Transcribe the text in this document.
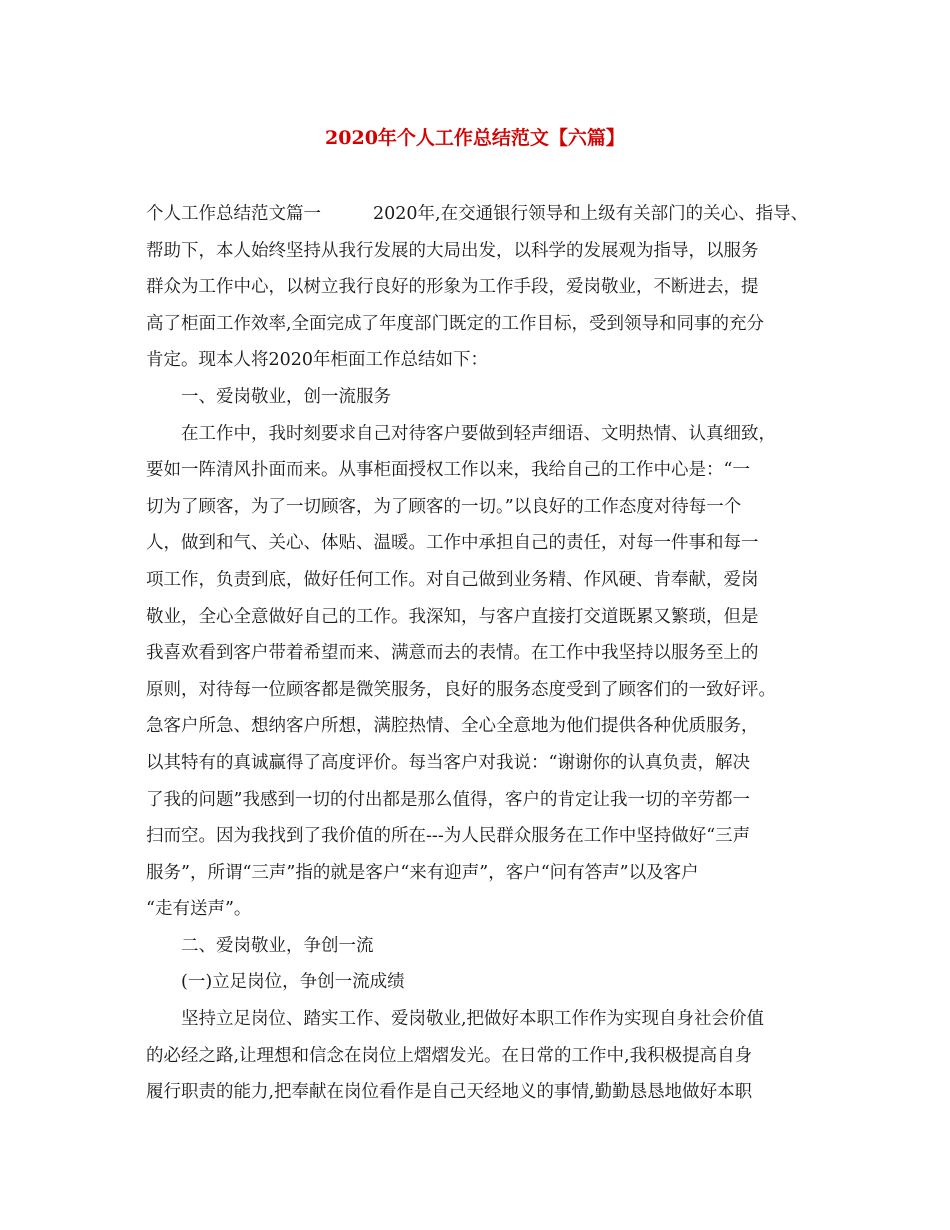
2020年个人工作总结范文【六篇】
个人工作总结范文篇一	2020年,在交通银行领导和上级有关部门的关心、指导、
帮助下，本人始终坚持从我行发展的大局出发，以科学的发展观为指导，以服务
群众为工作中心，以树立我行良好的形象为工作手段，爱岗敬业，不断进去，提
高了柜面工作效率,全面完成了年度部门既定的工作目标，受到领导和同事的充分
肯定。现本人将2020年柜面工作总结如下：
一、爱岗敬业，创一流服务
在工作中，我时刻要求自己对待客户要做到轻声细语、文明热情、认真细致，
要如一阵清风扑面而来。从事柜面授权工作以来，我给自己的工作中心是：“一
切为了顾客，为了一切顾客，为了顾客的一切。”以良好的工作态度对待每一个
人，做到和气、关心、体贴、温暖。工作中承担自己的责任，对每一件事和每一
项工作，负责到底，做好任何工作。对自己做到业务精、作风硬、肯奉献，爱岗
敬业，全心全意做好自己的工作。我深知，与客户直接打交道既累又繁琐，但是
我喜欢看到客户带着希望而来、满意而去的表情。在工作中我坚持以服务至上的
原则，对待每一位顾客都是微笑服务，良好的服务态度受到了顾客们的一致好评。
急客户所急、想纳客户所想，满腔热情、全心全意地为他们提供各种优质服务，
以其特有的真诚赢得了高度评价。每当客户对我说：“谢谢你的认真负责，解决
了我的问题”我感到一切的付出都是那么值得，客户的肯定让我一切的辛劳都一
扫而空。因为我找到了我价值的所在---为人民群众服务在工作中坚持做好“三声
服务”，所谓“三声”指的就是客户“来有迎声”，客户“问有答声”以及客户
“走有送声”。
二、爱岗敬业，争创一流
(一)立足岗位，争创一流成绩
坚持立足岗位、踏实工作、爱岗敬业,把做好本职工作作为实现自身社会价值
的必经之路,让理想和信念在岗位上熠熠发光。在日常的工作中,我积极提高自身
履行职责的能力,把奉献在岗位看作是自己天经地义的事情,勤勤恳恳地做好本职
